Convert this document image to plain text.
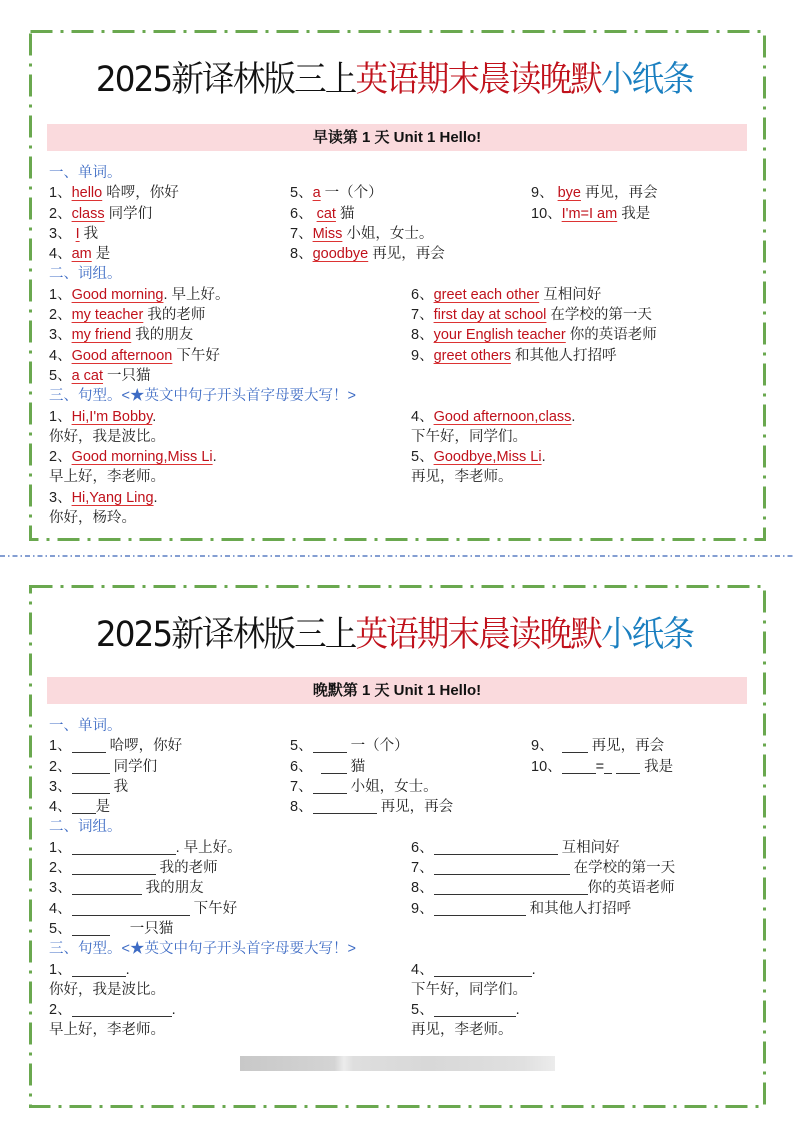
2025新译林版三上英语期末晨读晚默小纸条
早读第 1 天 Unit 1 Hello!
一、单词。
1、hello 哈啰，你好	5、a 一（个）	9、 bye 再见，再会
2、class 同学们	6、 cat 猫	10、I'm=I am 我是
3、 I 我	7、Miss 小姐，女士。
4、am 是	8、goodbye 再见，再会
二、词组。
1、Good morning. 早上好。	6、greet each other 互相问好
2、my teacher 我的老师	7、first day at school 在学校的第一天
3、my friend 我的朋友	8、your English teacher 你的英语老师
4、Good afternoon 下午好	9、greet others 和其他人打招呼
5、a cat 一只猫
三、句型。<★英文中句子开头首字母要大写！>
1、Hi,I'm Bobby.	4、Good afternoon,class.
你好，我是波比。	下午好，同学们。
2、Good morning,Miss Li.	5、Goodbye,Miss Li.
早上好，李老师。	再见，李老师。
3、Hi,Yang Ling.
你好，杨玲。
2025新译林版三上英语期末晨读晚默小纸条
晚默第 1 天 Unit 1 Hello!
一、单词。
1、 哈啰，你好	5、 一（个）	9、 再见，再会
2、	同学们	6、 猫	10、 =  我是
3、	我	7、 小姐，女士。
4、 是	8、	再见，再会
二、词组。
1、	. 早上好。	6、	互相问好
2、	我的老师	7、	在学校的第一天
3、	我的朋友	8、	你的英语老师
4、	下午好	9、	和其他人打招呼
5、	一只猫
三、句型。<★英文中句子开头首字母要大写！>
1、	.	4、	.
你好，我是波比。	下午好，同学们。
2、	.	5、	.
早上好，李老师。	再见，李老师。
